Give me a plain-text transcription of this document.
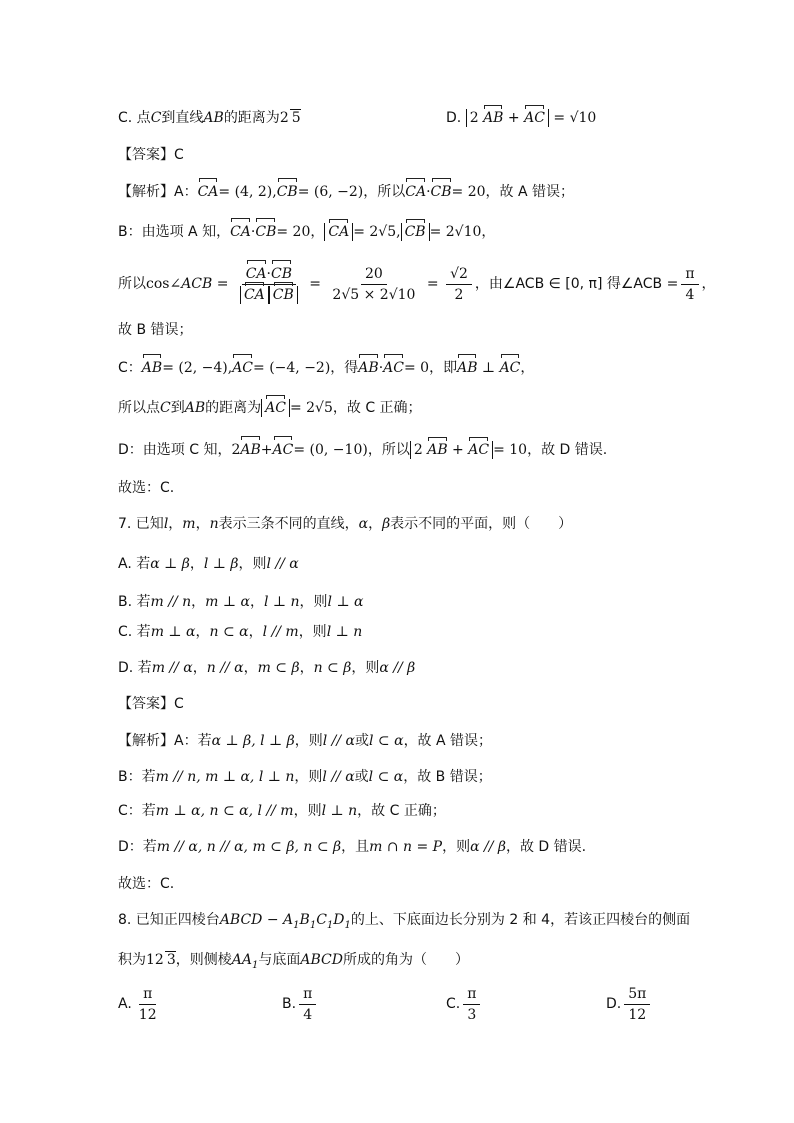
C. 点C到直线AB的距离为2 5	D. 2 AB + AC = √10
【答案】C
【解析】A：CA= (4, 2),CB= (6, −2)，所以CA·CB= 20，故 A 错误；
B：由选项 A 知，CA·CB= 20， CA = 2√5, CB = 2√10，
所以cos∠ACB = $\frac{CA\cdot CB}{\text{CA CB}} = \frac{20}{2√5 \times 2√10} = \frac{√2}{2}$ ，由∠ACB ∈ [0, π] 得∠ACB = $\frac{\pi}{4}$ ，
故 B 错误；
C：AB= (2, −4),AC= (−4, −2)，得AB·AC= 0，即AB ⊥ AC，
所以点C到AB的距离为 AC = 2√5，故 C 正确；
D：由选项 C 知，2AB+AC= (0, −10)，所以 2 AB + AC = 10，故 D 错误.
故选：C.
7. 已知l，m，n表示三条不同的直线，α，β表示不同的平面，则（　　）
A. 若α ⊥ β，l ⊥ β，则l // α
B. 若m // n，m ⊥ α，l ⊥ n，则l ⊥ α
C. 若m ⊥ α，n ⊂ α，l // m，则l ⊥ n
D. 若m // α，n // α，m ⊂ β，n ⊂ β，则α // β
【答案】C
【解析】A：若α ⊥ β, l ⊥ β，则l // α或l ⊂ α，故 A 错误；
B：若m // n, m ⊥ α, l ⊥ n，则l // α或l ⊂ α，故 B 错误；
C：若m ⊥ α, n ⊂ α, l // m，则l ⊥ n，故 C 正确；
D：若m // α, n // α, m ⊂ β, n ⊂ β，且m ∩ n = P，则α // β，故 D 错误.
故选：C.
8. 已知正四棱台ABCD − $A_1B_1C_1D_1$的上、下底面边长分别为 2 和 4，若该正四棱台的侧面
积为12 3，则侧棱$AA_1$与底面ABCD所成的角为（　　）
A. $\frac{\pi}{12}$	B. $\frac{\pi}{4}$	C. $\frac{\pi}{3}$	D. $\frac{5\pi}{12}$
